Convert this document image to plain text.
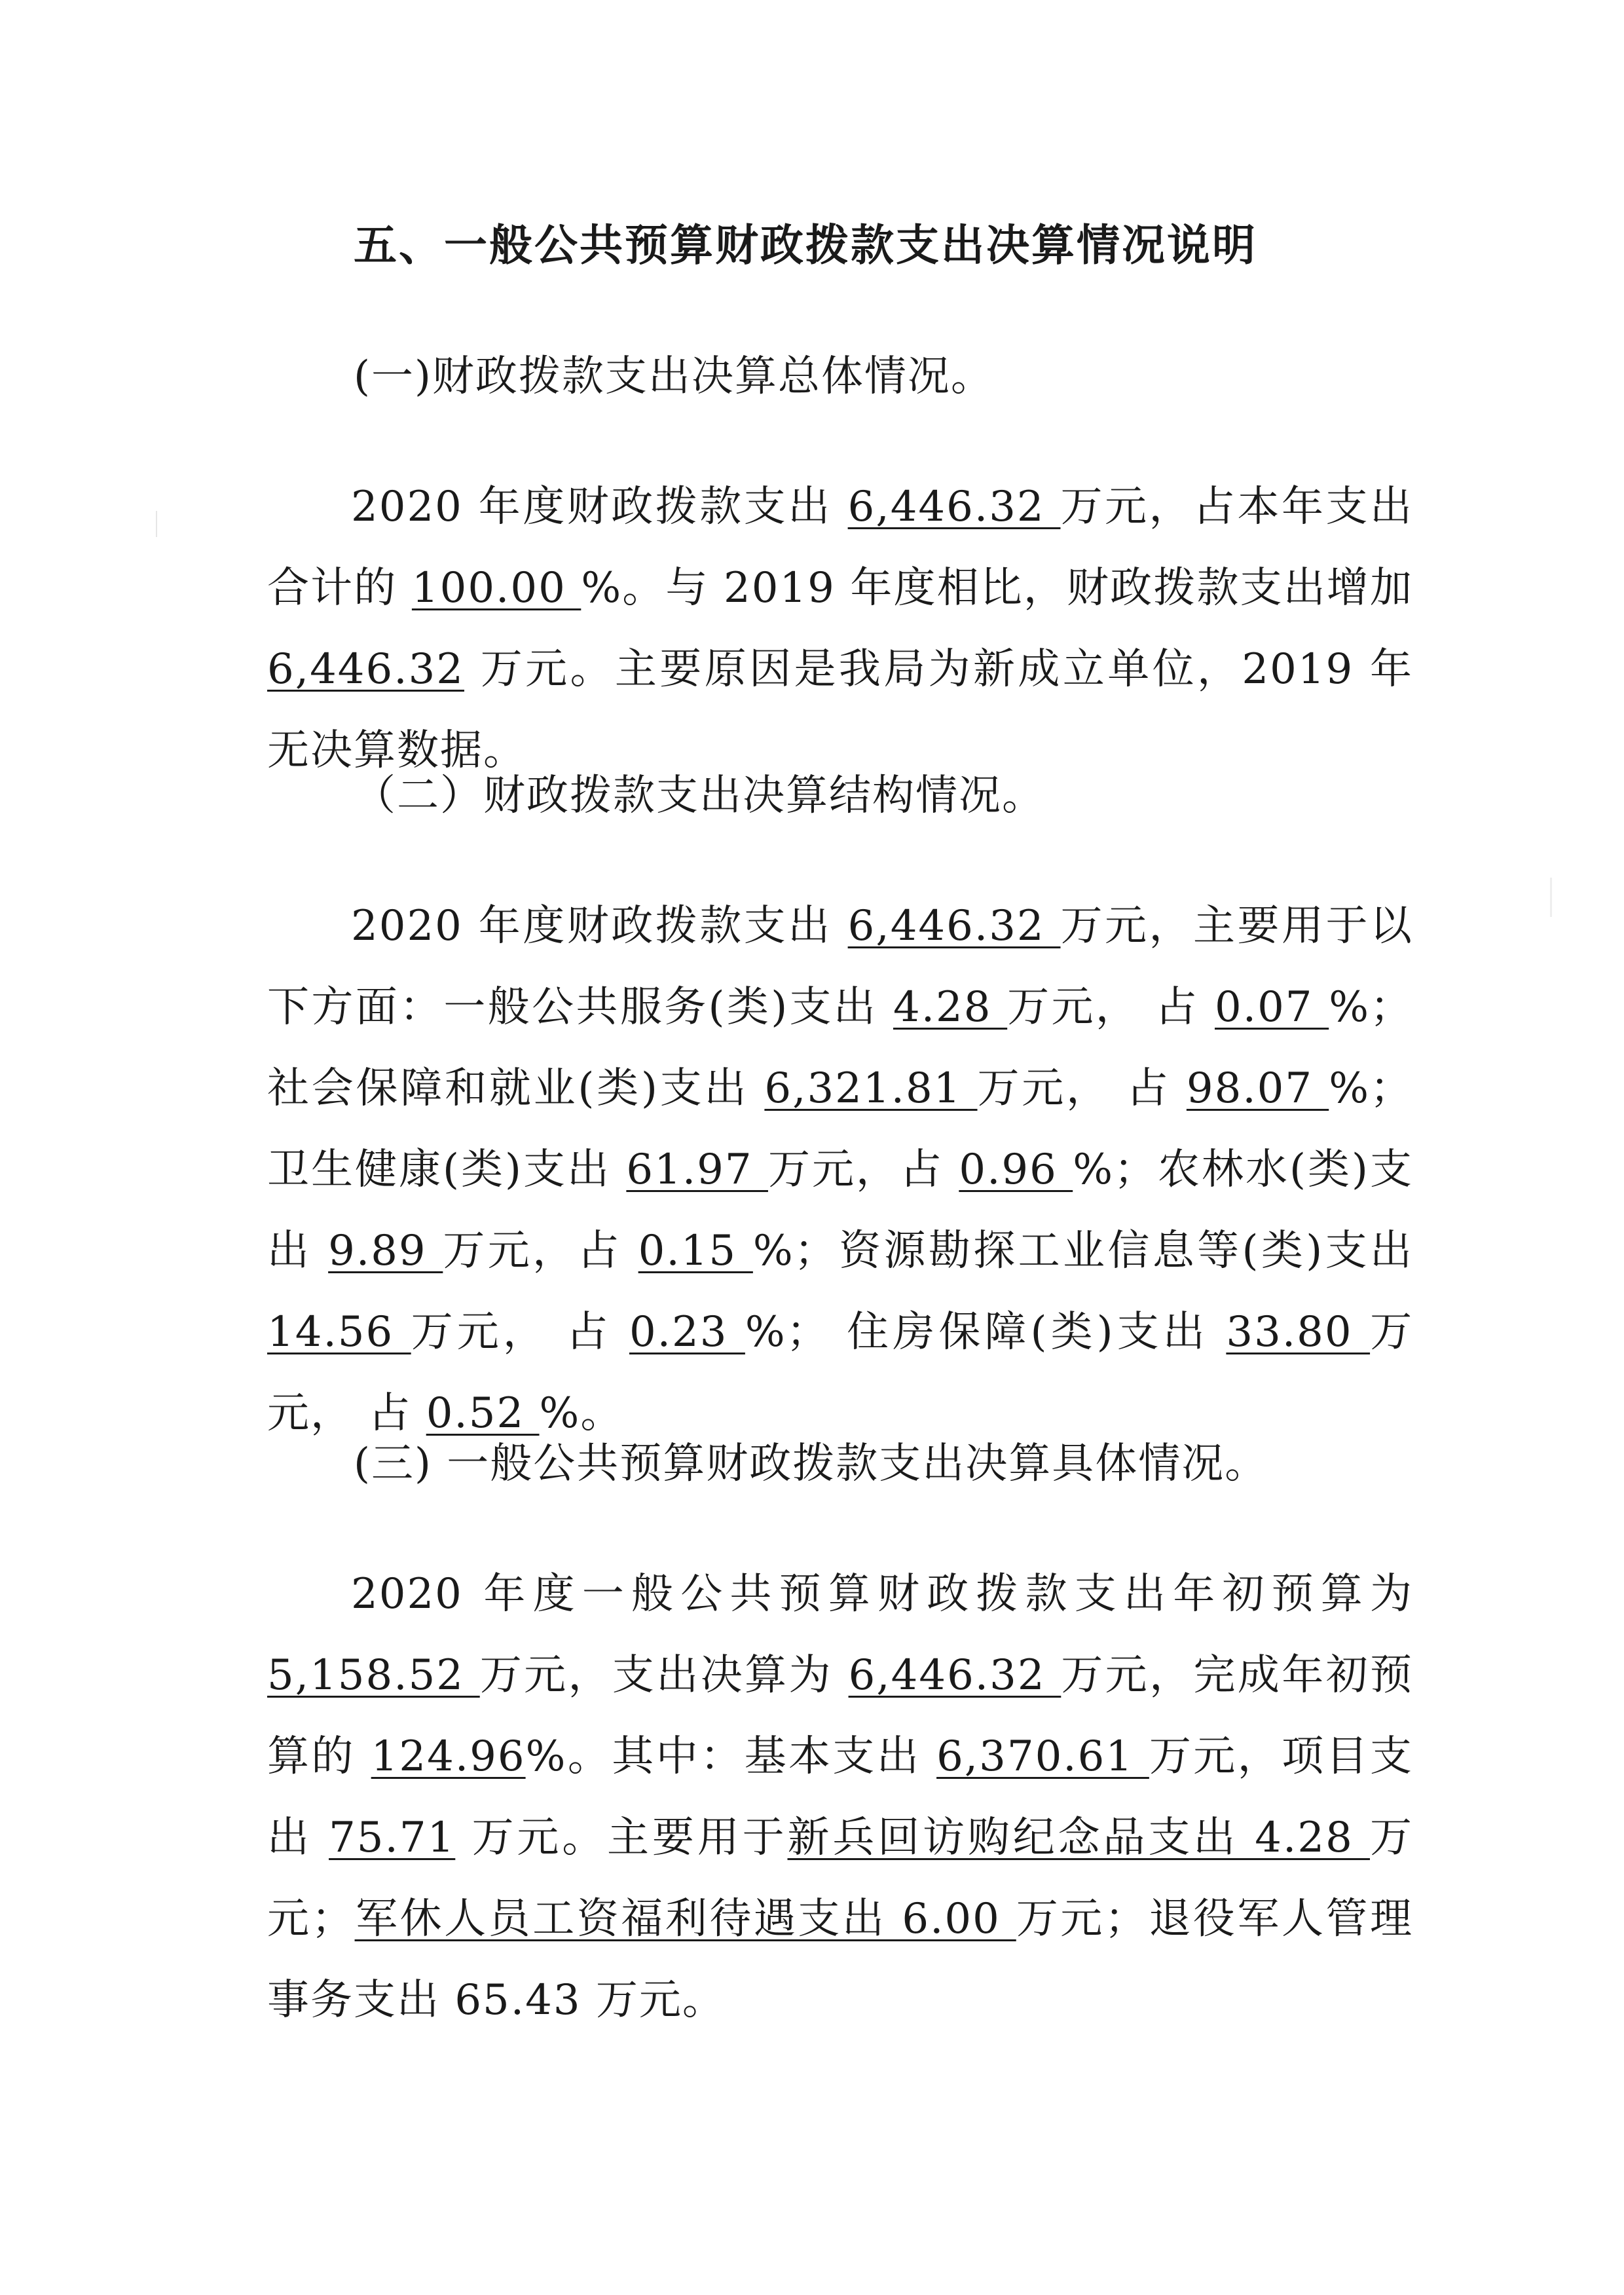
五、一般公共预算财政拨款支出决算情况说明
(一)财政拨款支出决算总体情况。
2020 年度财政拨款支出 6,446.32 万元，占本年支出合计的 100.00 %。与 2019 年度相比，财政拨款支出增加 6,446.32 万元。主要原因是我局为新成立单位，2019 年无决算数据。
（二）财政拨款支出决算结构情况。
2020 年度财政拨款支出 6,446.32 万元，主要用于以下方面：一般公共服务(类)支出 4.28 万元， 占 0.07 %；社会保障和就业(类)支出 6,321.81 万元， 占 98.07 %； 卫生健康(类)支出 61.97 万元，占 0.96 %；农林水(类)支出 9.89 万元，占 0.15 %；资源勘探工业信息等(类)支出 14.56 万元， 占 0.23 %； 住房保障(类)支出 33.80 万元， 占 0.52 %。
(三) 一般公共预算财政拨款支出决算具体情况。
2020 年度一般公共预算财政拨款支出年初预算为 5,158.52 万元，支出决算为 6,446.32 万元，完成年初预算的 124.96%。其中：基本支出 6,370.61 万元，项目支出 75.71 万元。主要用于新兵回访购纪念品支出 4.28 万元；军休人员工资福利待遇支出 6.00 万元；退役军人管理事务支出 65.43 万元。
